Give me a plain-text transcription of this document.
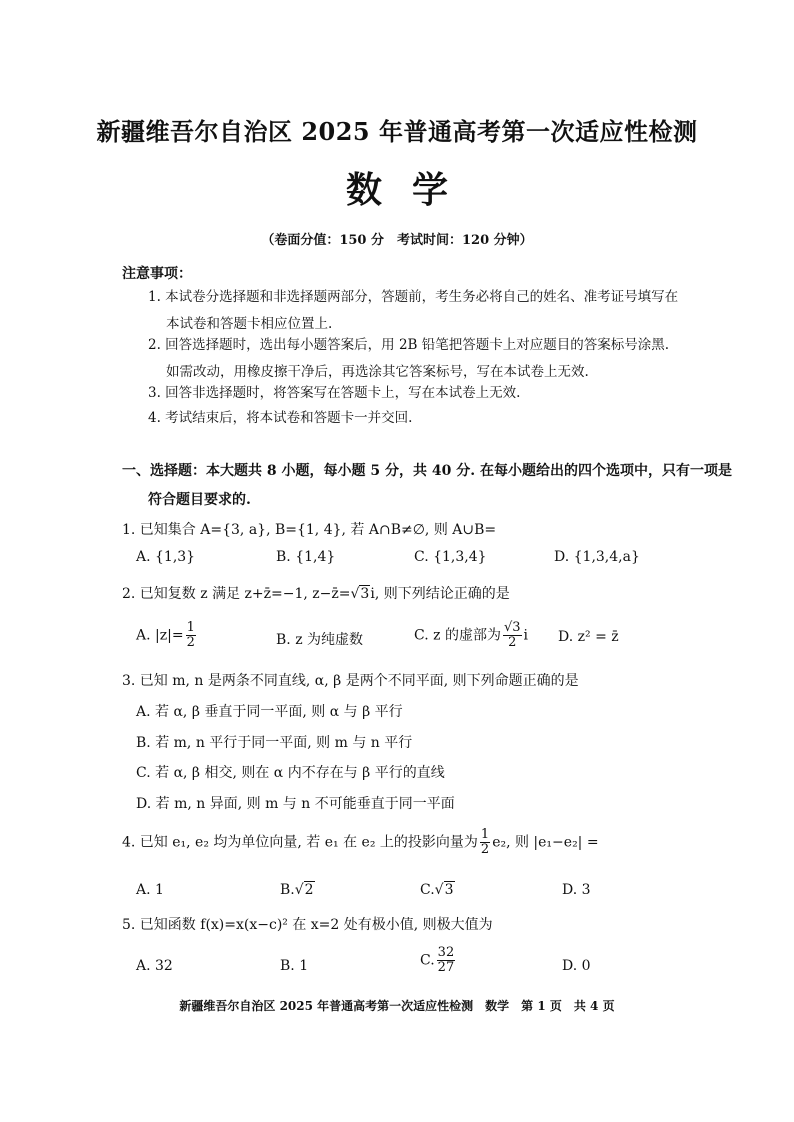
新疆维吾尔自治区 2025 年普通高考第一次适应性检测
数学
（卷面分值：150 分　考试时间：120 分钟）
注意事项：
1. 本试卷分选择题和非选择题两部分，答题前，考生务必将自己的姓名、准考证号填写在
本试卷和答题卡相应位置上.
2. 回答选择题时，选出每小题答案后，用 2B 铅笔把答题卡上对应题目的答案标号涂黑.
如需改动，用橡皮擦干净后，再选涂其它答案标号，写在本试卷上无效.
3. 回答非选择题时，将答案写在答题卡上，写在本试卷上无效.
4. 考试结束后，将本试卷和答题卡一并交回.
一、选择题：本大题共 8 小题，每小题 5 分，共 40 分. 在每小题给出的四个选项中，只有一项是
符合题目要求的.
1. 已知集合 A={3, a}, B={1, 4}, 若 A∩B≠∅, 则 A∪B=
A. {1,3}	B. {1,4}	C. {1,3,4}	D. {1,3,4,a}
2. 已知复数 z 满足 z+z̄=−1, z−z̄=√3i, 则下列结论正确的是
A. $|z|= \frac{1}{2}$	B. z 为纯虚数	C. z 的虚部为 $\frac{√3}{2}$ i D. z² = z̄
3. 已知 m, n 是两条不同直线, α, β 是两个不同平面, 则下列命题正确的是
A. 若 α, β 垂直于同一平面, 则 α 与 β 平行
B. 若 m, n 平行于同一平面, 则 m 与 n 平行
C. 若 α, β 相交, 则在 α 内不存在与 β 平行的直线
D. 若 m, n 异面, 则 m 与 n 不可能垂直于同一平面
4. 已知 e₁, e₂ 均为单位向量, 若 e₁ 在 e₂ 上的投影向量为 $\frac{1}{2} e_2$, 则 |e₁−e₂| =
A. 1	B.√2	C.√3	D. 3
5. 已知函数 f(x)=x(x−c)² 在 x=2 处有极小值, 则极大值为
A. 32	B. 1	C. $\frac{32}{27}$	D. 0
新疆维吾尔自治区 2025 年普通高考第一次适应性检测　数学　第 1 页　共 4 页
